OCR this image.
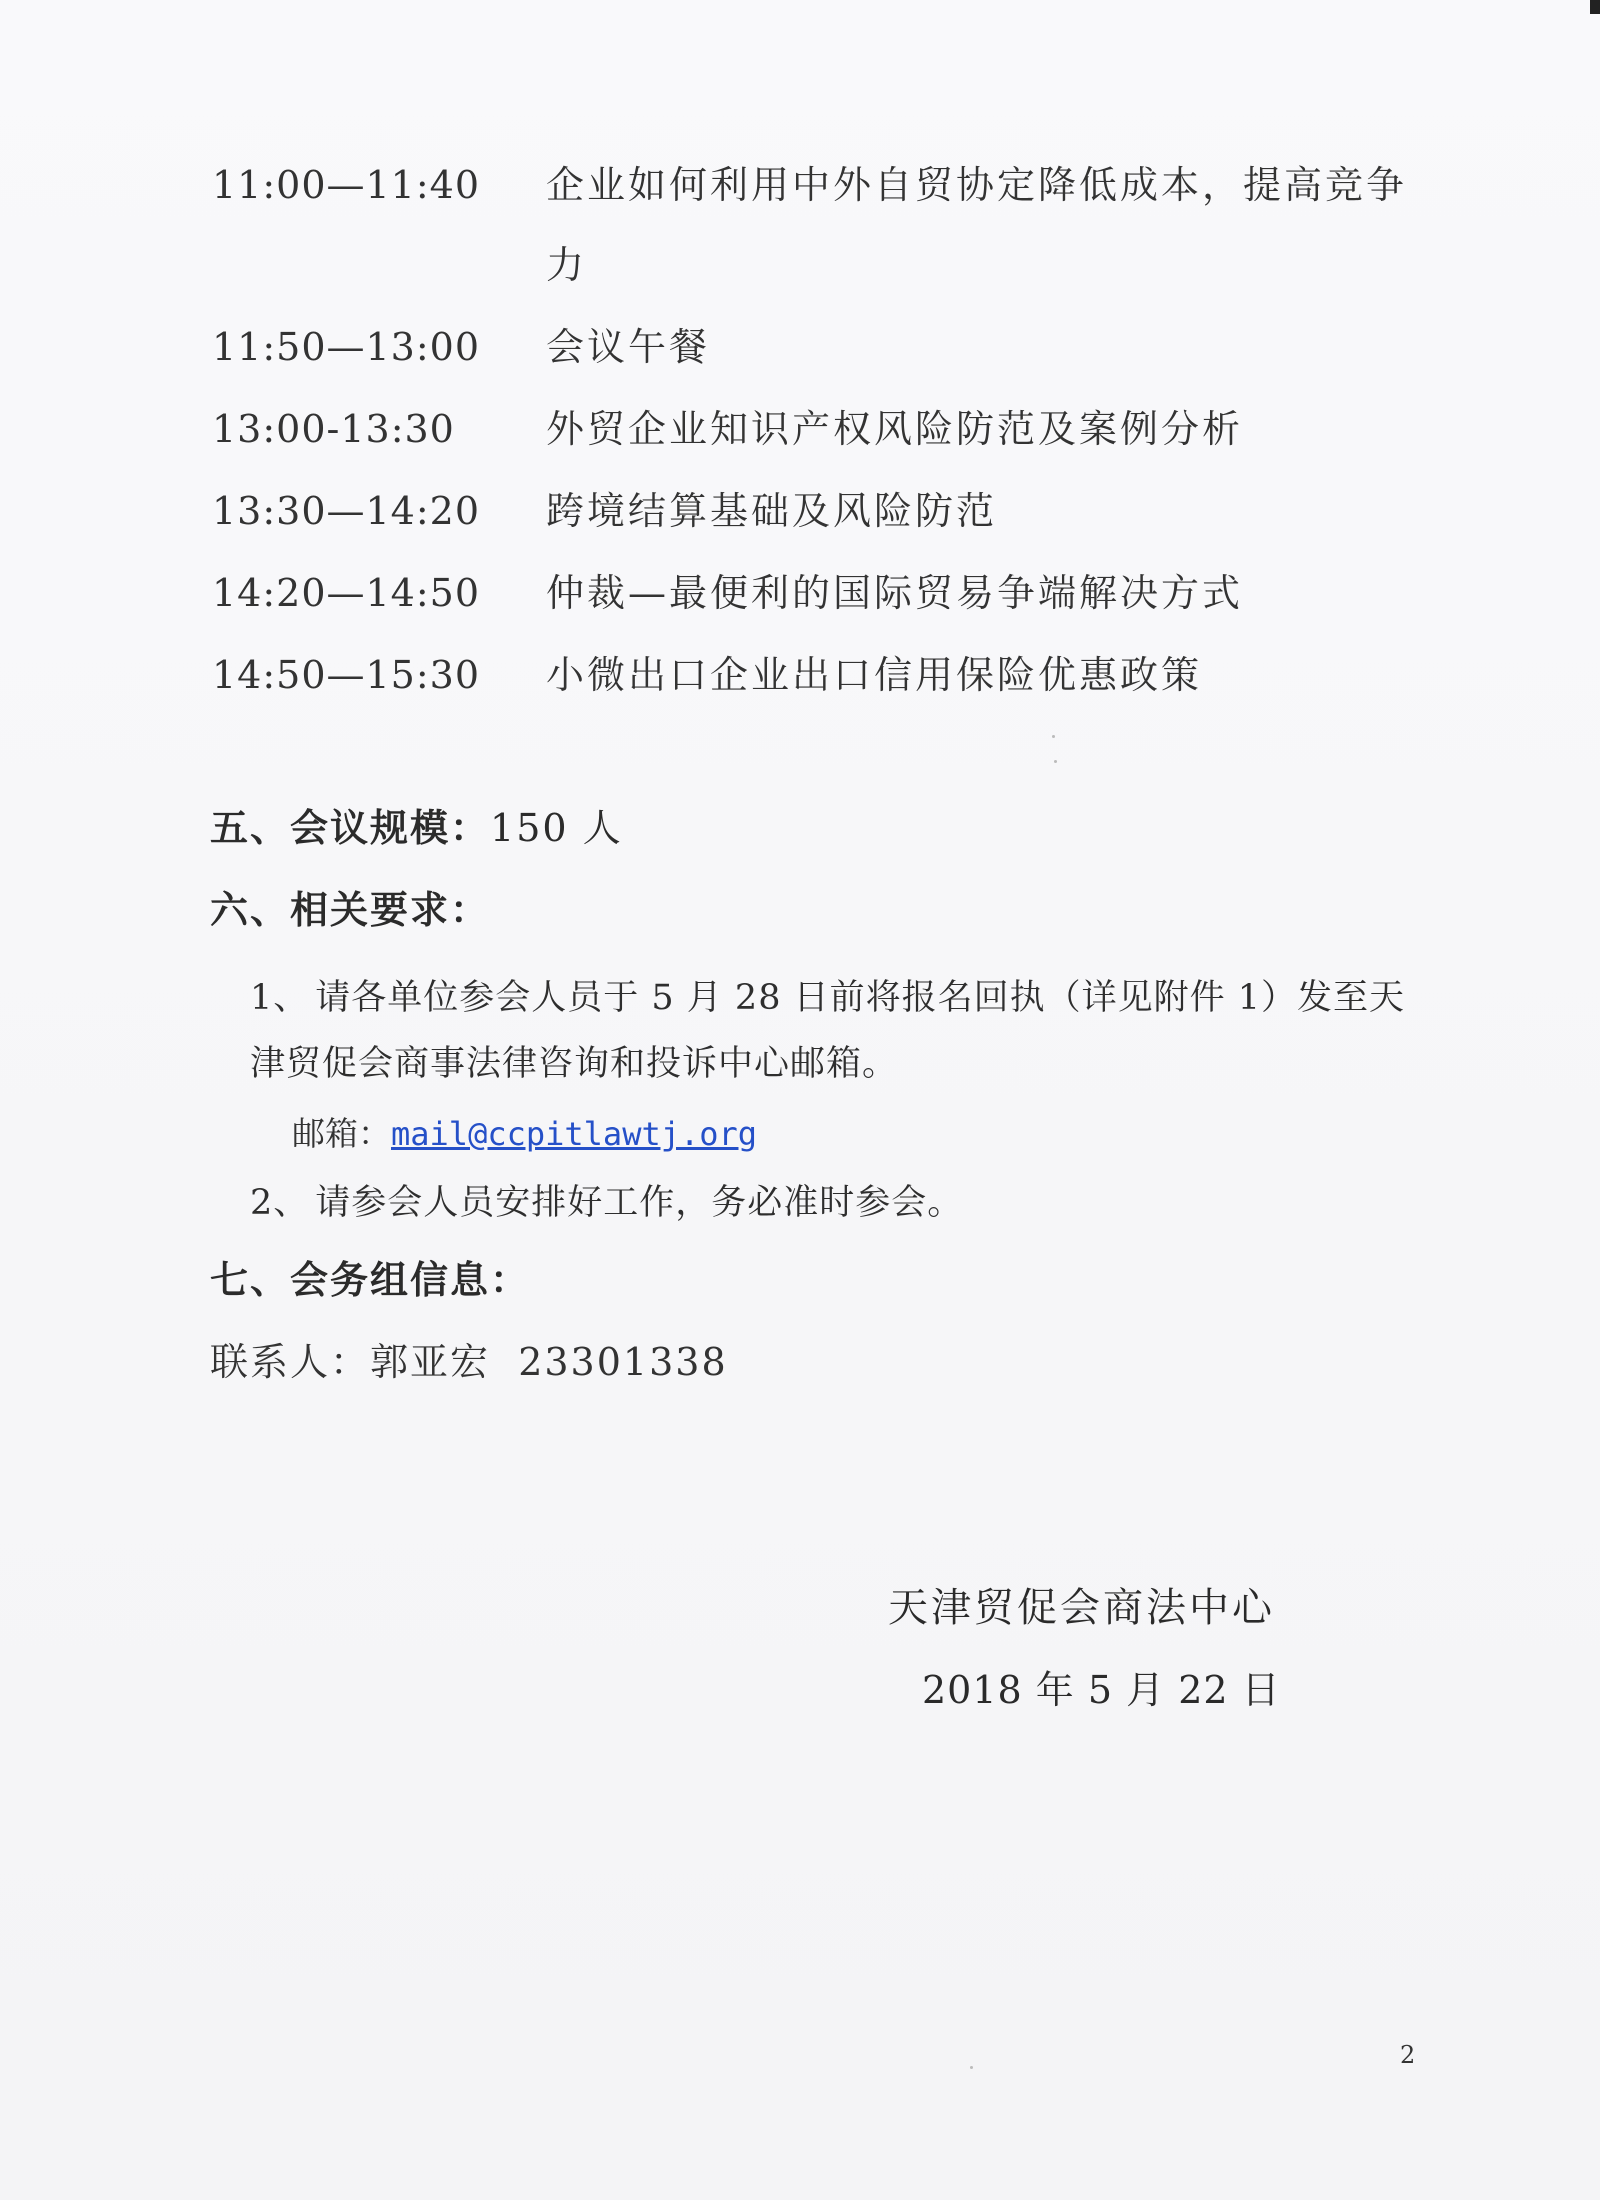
11:00—11:40	企业如何利用中外自贸协定降低成本，提高竞争力
11:50—13:00	会议午餐
13:00-13:30	外贸企业知识产权风险防范及案例分析
13:30—14:20	跨境结算基础及风险防范
14:20—14:50	仲裁—最便利的国际贸易争端解决方式
14:50—15:30	小微出口企业出口信用保险优惠政策
五、会议规模：150 人
六、相关要求：
1、 请各单位参会人员于 5 月 28 日前将报名回执（详见附件 1）发至天津贸促会商事法律咨询和投诉中心邮箱。
邮箱：mail@ccpitlawtj.org
2、 请参会人员安排好工作，务必准时参会。
七、会务组信息：
联系人：郭亚宏 23301338
天津贸促会商法中心
2018 年 5 月 22 日
2
